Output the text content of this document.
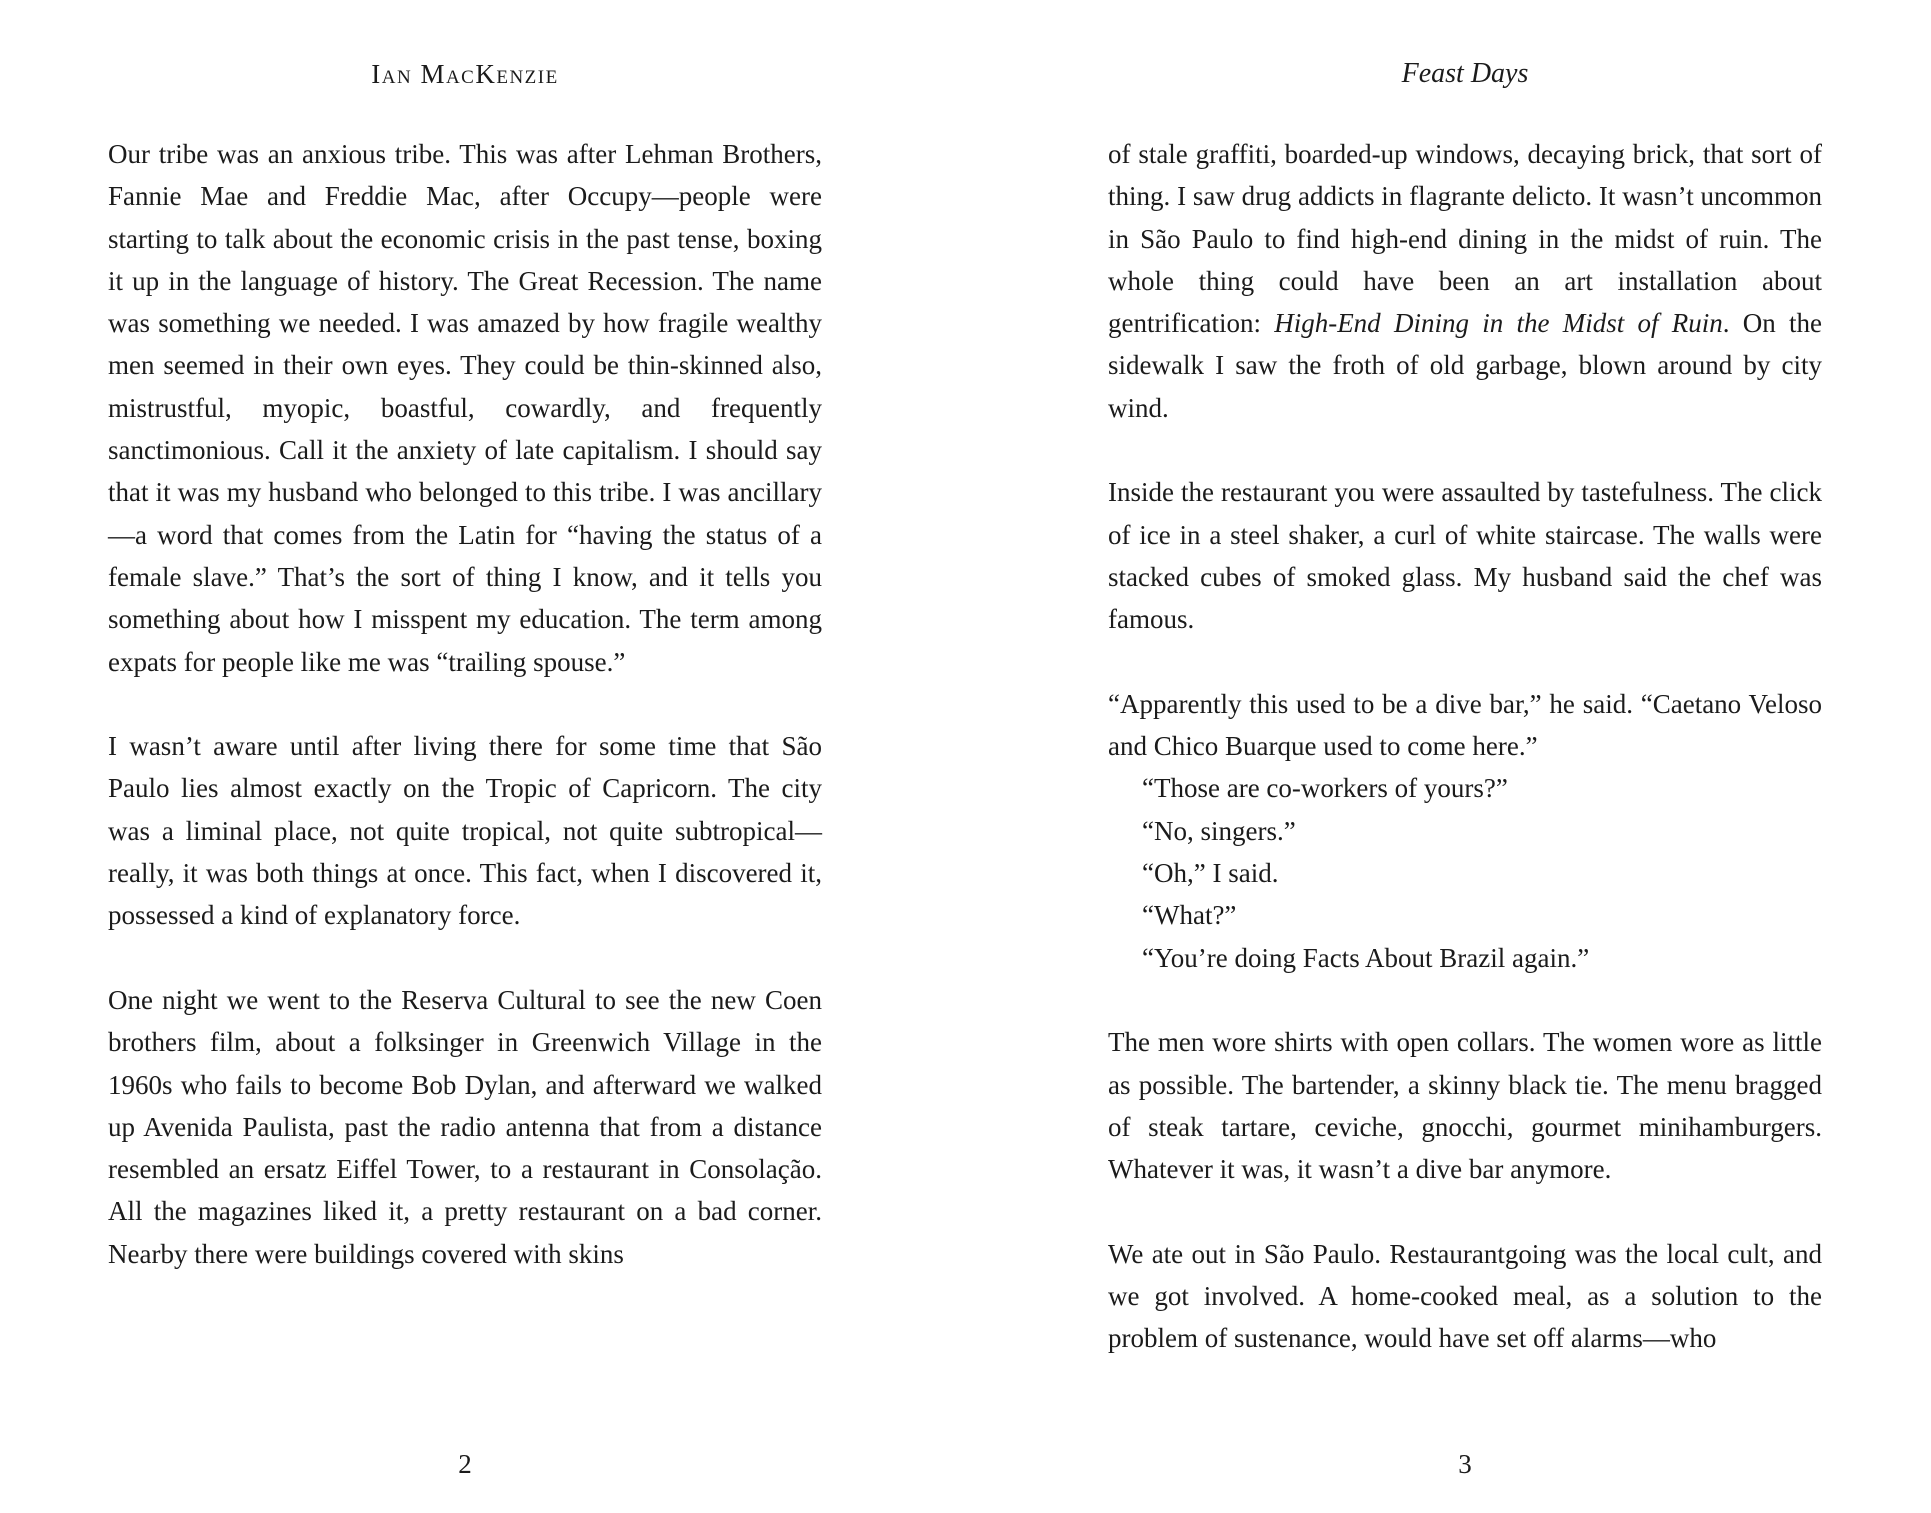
Ian MacKenzie

Our tribe was an anxious tribe. This was after Lehman Brothers, Fannie Mae and Freddie Mac, after Occupy—people were starting to talk about the economic crisis in the past tense, boxing it up in the language of history. The Great Recession. The name was something we needed. I was amazed by how fragile wealthy men seemed in their own eyes. They could be thin-skinned also, mistrustful, myopic, boastful, cowardly, and frequently sanctimonious. Call it the anxiety of late capitalism. I should say that it was my husband who belonged to this tribe. I was ancillary—a word that comes from the Latin for “having the status of a female slave.” That’s the sort of thing I know, and it tells you something about how I misspent my education. The term among expats for people like me was “trailing spouse.”

I wasn’t aware until after living there for some time that São Paulo lies almost exactly on the Tropic of Capricorn. The city was a liminal place, not quite tropical, not quite subtropical—really, it was both things at once. This fact, when I discovered it, possessed a kind of explanatory force.

One night we went to the Reserva Cultural to see the new Coen brothers film, about a folksinger in Greenwich Village in the 1960s who fails to become Bob Dylan, and afterward we walked up Avenida Paulista, past the radio antenna that from a distance resembled an ersatz Eiffel Tower, to a restaurant in Consolação. All the magazines liked it, a pretty restaurant on a bad corner. Nearby there were buildings covered with skins

2
Feast Days

of stale graffiti, boarded-up windows, decaying brick, that sort of thing. I saw drug addicts in flagrante delicto. It wasn’t uncommon in São Paulo to find high-end dining in the midst of ruin. The whole thing could have been an art installation about gentrification: High-End Dining in the Midst of Ruin. On the sidewalk I saw the froth of old garbage, blown around by city wind.

Inside the restaurant you were assaulted by tastefulness. The click of ice in a steel shaker, a curl of white staircase. The walls were stacked cubes of smoked glass. My husband said the chef was famous.

“Apparently this used to be a dive bar,” he said. “Caetano Veloso and Chico Buarque used to come here.”

“Those are co-workers of yours?”

“No, singers.”

“Oh,” I said.

“What?”

“You’re doing Facts About Brazil again.”

The men wore shirts with open collars. The women wore as little as possible. The bartender, a skinny black tie. The menu bragged of steak tartare, ceviche, gnocchi, gourmet minihamburgers. Whatever it was, it wasn’t a dive bar anymore.

We ate out in São Paulo. Restaurantgoing was the local cult, and we got involved. A home-cooked meal, as a solution to the problem of sustenance, would have set off alarms—who

3
